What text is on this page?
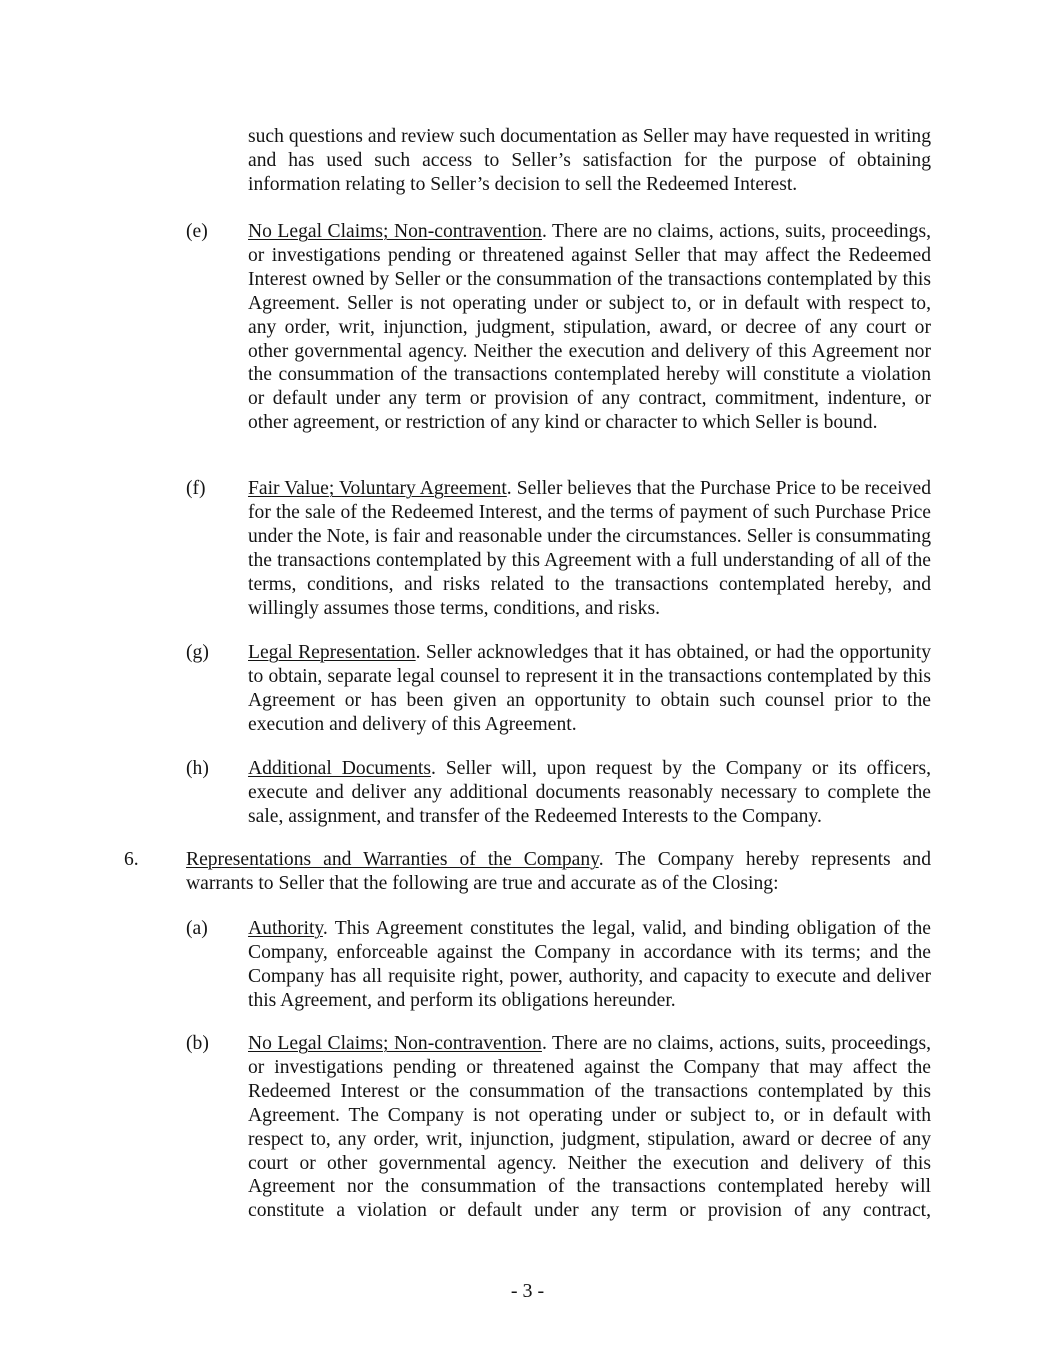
such questions and review such documentation as Seller may have requested in writing and has used such access to Seller’s satisfaction for the purpose of obtaining information relating to Seller’s decision to sell the Redeemed Interest.
(e) No Legal Claims; Non-contravention. There are no claims, actions, suits, proceedings, or investigations pending or threatened against Seller that may affect the Redeemed Interest owned by Seller or the consummation of the transactions contemplated by this Agreement. Seller is not operating under or subject to, or in default with respect to, any order, writ, injunction, judgment, stipulation, award, or decree of any court or other governmental agency. Neither the execution and delivery of this Agreement nor the consummation of the transactions contemplated hereby will constitute a violation or default under any term or provision of any contract, commitment, indenture, or other agreement, or restriction of any kind or character to which Seller is bound.
(f) Fair Value; Voluntary Agreement. Seller believes that the Purchase Price to be received for the sale of the Redeemed Interest, and the terms of payment of such Purchase Price under the Note, is fair and reasonable under the circumstances. Seller is consummating the transactions contemplated by this Agreement with a full understanding of all of the terms, conditions, and risks related to the transactions contemplated hereby, and willingly assumes those terms, conditions, and risks.
(g) Legal Representation. Seller acknowledges that it has obtained, or had the opportunity to obtain, separate legal counsel to represent it in the transactions contemplated by this Agreement or has been given an opportunity to obtain such counsel prior to the execution and delivery of this Agreement.
(h) Additional Documents. Seller will, upon request by the Company or its officers, execute and deliver any additional documents reasonably necessary to complete the sale, assignment, and transfer of the Redeemed Interests to the Company.
6. Representations and Warranties of the Company. The Company hereby represents and warrants to Seller that the following are true and accurate as of the Closing:
(a) Authority. This Agreement constitutes the legal, valid, and binding obligation of the Company, enforceable against the Company in accordance with its terms; and the Company has all requisite right, power, authority, and capacity to execute and deliver this Agreement, and perform its obligations hereunder.
(b) No Legal Claims; Non-contravention. There are no claims, actions, suits, proceedings, or investigations pending or threatened against the Company that may affect the Redeemed Interest or the consummation of the transactions contemplated by this Agreement. The Company is not operating under or subject to, or in default with respect to, any order, writ, injunction, judgment, stipulation, award or decree of any court or other governmental agency. Neither the execution and delivery of this Agreement nor the consummation of the transactions contemplated hereby will constitute a violation or default under any term or provision of any contract,
- 3 -
